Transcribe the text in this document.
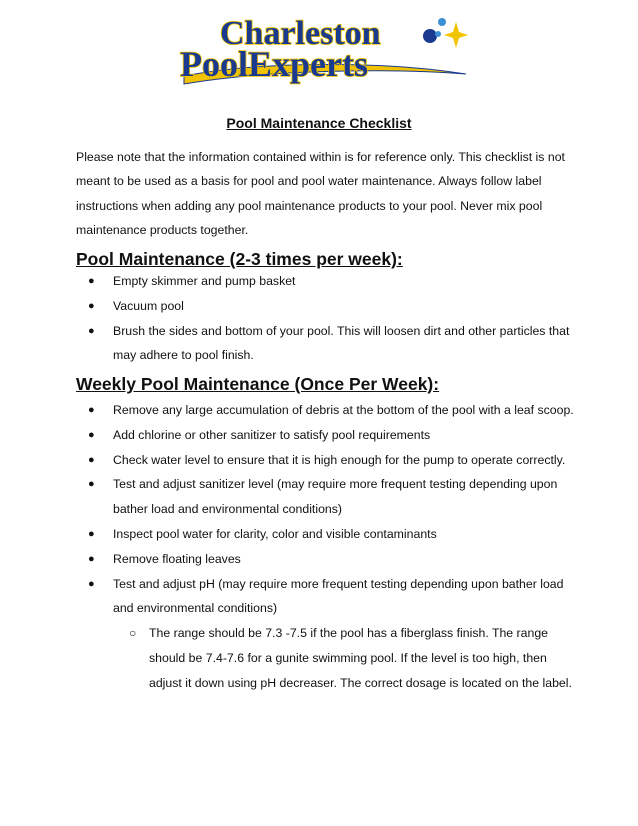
Charleston
PoolExperts
Pool Maintenance Checklist

Please note that the information contained within is for reference only. This checklist is not meant to be used as a basis for pool and pool water maintenance. Always follow label instructions when adding any pool maintenance products to your pool. Never mix pool maintenance products together.

Pool Maintenance (2-3 times per week):
● Empty skimmer and pump basket
● Vacuum pool
● Brush the sides and bottom of your pool. This will loosen dirt and other particles that may adhere to pool finish.
Weekly Pool Maintenance (Once Per Week):
● Remove any large accumulation of debris at the bottom of the pool with a leaf scoop.
● Add chlorine or other sanitizer to satisfy pool requirements
● Check water level to ensure that it is high enough for the pump to operate correctly.
● Test and adjust sanitizer level (may require more frequent testing depending upon bather load and environmental conditions)
● Inspect pool water for clarity, color and visible contaminants
● Remove floating leaves
● Test and adjust pH (may require more frequent testing depending upon bather load and environmental conditions)
○ The range should be 7.3 -7.5 if the pool has a fiberglass finish. The range should be 7.4-7.6 for a gunite swimming pool. If the level is too high, then adjust it down using pH decreaser. The correct dosage is located on the label.
